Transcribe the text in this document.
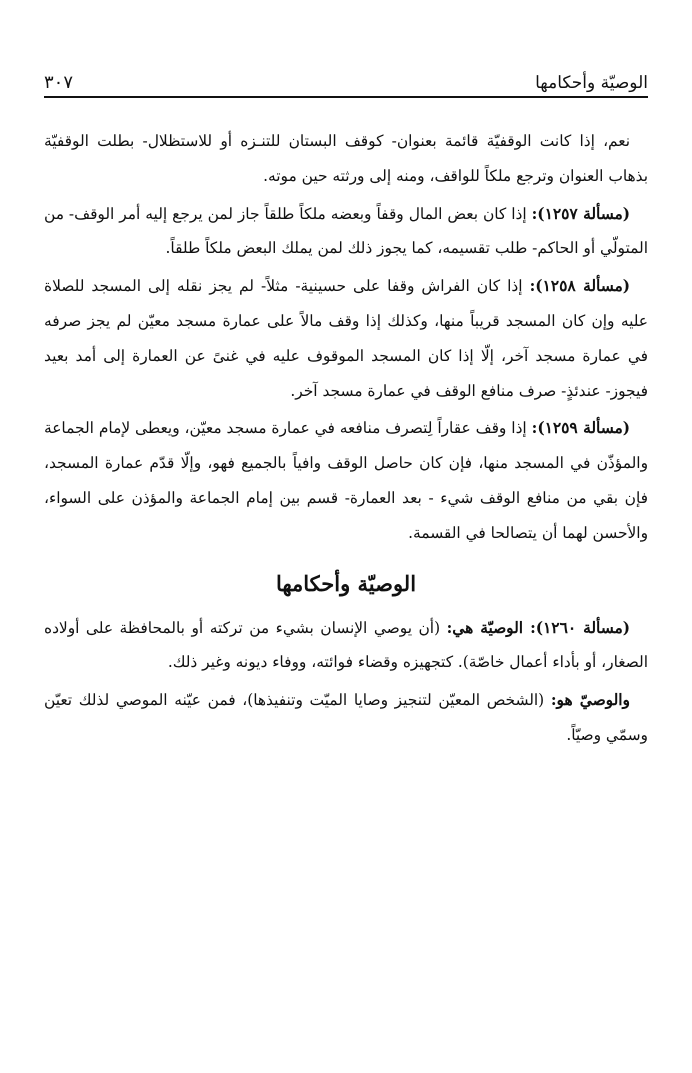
الوصيّة وأحكامها
٣٠٧

نعم، إذا كانت الوقفيّة قائمة بعنوان- كوقف البستان للتنـزه أو للاستظلال- بطلت الوقفيّة بذهاب العنوان وترجع ملكاً للواقف، ومنه إلى ورثته حين موته.

(مسألة ١٢٥٧): إذا كان بعض المال وقفاً وبعضه ملكاً طلقاً جاز لمن يرجع إليه أمر الوقف- من المتولّي أو الحاكم- طلب تقسيمه، كما يجوز ذلك لمن يملك البعض ملكاً طلقاً.

(مسألة ١٢٥٨): إذا كان الفراش وقفا على حسينية- مثلاً- لم يجز نقله إلى المسجد للصلاة عليه وإن كان المسجد قريباً منها، وكذلك إذا وقف مالاً على عمارة مسجد معيّن لم يجز صرفه في عمارة مسجد آخر، إلّا إذا كان المسجد الموقوف عليه في غنىً عن العمارة إلى أمد بعيد فيجوز- عندئذٍ- صرف منافع الوقف في عمارة مسجد آخر.

(مسألة ١٢٥٩): إذا وقف عقاراً لِتصرف منافعه في عمارة مسجد معيّن، ويعطى لإمام الجماعة والمؤذّن في المسجد منها، فإن كان حاصل الوقف وافياً بالجميع فهو، وإلّا قدّم عمارة المسجد، فإن بقي من منافع الوقف شيء - بعد العمارة- قسم بين إمام الجماعة والمؤذن على السواء، والأحسن لهما أن يتصالحا في القسمة.

الوصيّة وأحكامها

(مسألة ١٢٦٠): الوصيّة هي: (أن يوصي الإنسان بشيء من تركته أو بالمحافظة على أولاده الصغار، أو بأداء أعمال خاصّة). كتجهيزه وقضاء فوائته، ووفاء ديونه وغير ذلك.

والوصيّ هو: (الشخص المعيّن لتنجيز وصايا الميّت وتنفيذها)، فمن عيّنه الموصي لذلك تعيّن وسمّي وصيّاً.
